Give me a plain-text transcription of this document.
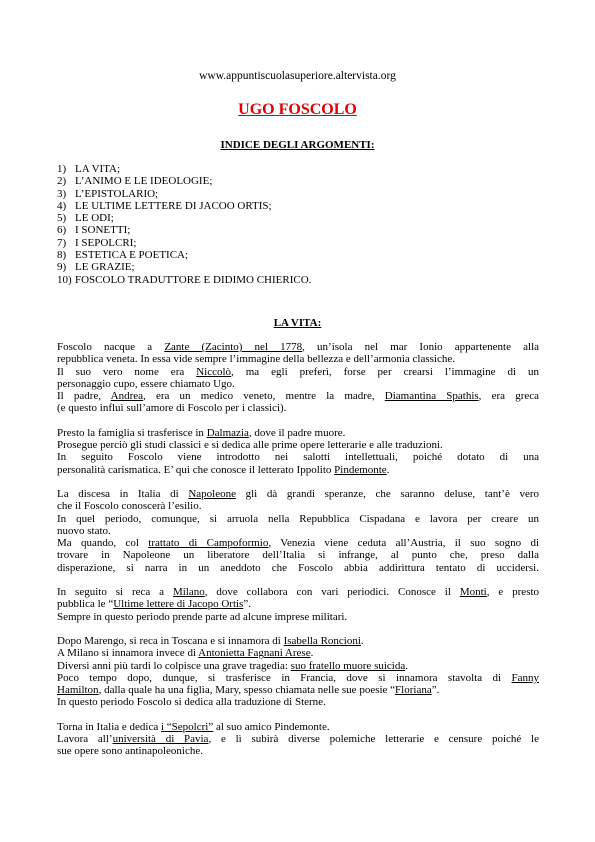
www.appuntiscuolasuperiore.altervista.org
UGO FOSCOLO
INDICE DEGLI ARGOMENTI:
1) LA VITA;
2) L’ANIMO E LE IDEOLOGIE;
3) L’EPISTOLARIO;
4) LE ULTIME LETTERE DI JACOO ORTIS;
5) LE ODI;
6) I SONETTI;
7) I SEPOLCRI;
8) ESTETICA E POETICA;
9) LE GRAZIE;
10) FOSCOLO TRADUTTORE E DIDIMO CHIERICO.
LA VITA:
Foscolo nacque a Zante (Zacinto) nel 1778, un’isola nel mar Ionio appartenente alla
repubblica veneta. In essa vide sempre l’immagine della bellezza e dell’armonia classiche.
Il suo vero nome era Niccolò, ma egli preferì, forse per crearsi l’immagine di un
personaggio cupo, essere chiamato Ugo.
Il padre, Andrea, era un medico veneto, mentre la madre, Diamantina Spathis, era greca
(e questo influì sull’amore di Foscolo per i classici).
Presto la famiglia si trasferisce in Dalmazia, dove il padre muore.
Prosegue perciò gli studi classici e si dedica alle prime opere letterarie e alle traduzioni.
In seguito Foscolo viene introdotto nei salotti intellettuali, poiché dotato di una
personalità carismatica. E’ qui che conosce il letterato Ippolito Pindemonte.
La discesa in Italia di Napoleone gli dà grandi speranze, che saranno deluse, tant’è vero
che il Foscolo conoscerà l’esilio.
In quel periodo, comunque, si arruola nella Repubblica Cispadana e lavora per creare un
nuovo stato.
Ma quando, col trattato di Campoformio, Venezia viene ceduta all’Austria, il suo sogno di
trovare in Napoleone un liberatore dell’Italia si infrange, al punto che, preso dalla
disperazione, si narra in un aneddoto che Foscolo abbia addirittura tentato di uccidersi.
In seguito si reca a Milano, dove collabora con vari periodici. Conosce il Monti, e presto
pubblica le “Ultime lettere di Jacopo Ortis”.
Sempre in questo periodo prende parte ad alcune imprese militari.
Dopo Marengo, si reca in Toscana e si innamora di Isabella Roncioni.
A Milano si innamora invece di Antonietta Fagnani Arese.
Diversi anni più tardi lo colpisce una grave tragedia: suo fratello muore suicida.
Poco tempo dopo, dunque, si trasferisce in Francia, dove si innamora stavolta di Fanny
Hamilton, dalla quale ha una figlia, Mary, spesso chiamata nelle sue poesie “Floriana”.
In questo periodo Foscolo si dedica alla traduzione di Sterne.
Torna in Italia e dedica i “Sepolcri” al suo amico Pindemonte.
Lavora all’università di Pavia, e lì subirà diverse polemiche letterarie e censure poiché le
sue opere sono antinapoleoniche.
